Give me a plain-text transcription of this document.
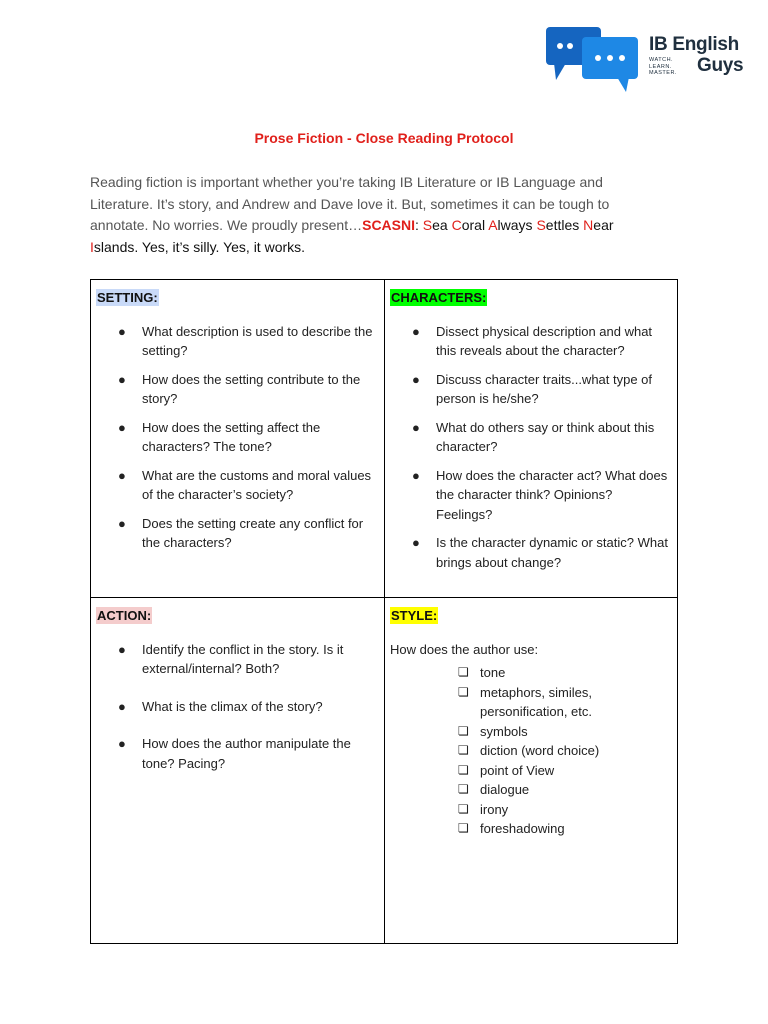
IB English
Guys
WATCH. LEARN. MASTER.
Prose Fiction - Close Reading Protocol
Reading fiction is important whether you’re taking IB Literature or IB Language and Literature. It’s story, and Andrew and Dave love it. But, sometimes it can be tough to annotate. No worries. We proudly present…SCASNI: Sea Coral Always Settles Near Islands. Yes, it’s silly. Yes, it works.
SETTING:
● What description is used to describe the setting?
● How does the setting contribute to the story?
● How does the setting affect the characters? The tone?
● What are the customs and moral values of the character’s society?
● Does the setting create any conflict for the characters?
CHARACTERS:
● Dissect physical description and what this reveals about the character?
● Discuss character traits...what type of person is he/she?
● What do others say or think about this character?
● How does the character act? What does the character think? Opinions? Feelings?
● Is the character dynamic or static? What brings about change?
ACTION:
● Identify the conflict in the story. Is it external/internal? Both?
● What is the climax of the story?
● How does the author manipulate the tone? Pacing?
STYLE:
How does the author use:
❏ tone
❏ metaphors, similes, personification, etc.
❏ symbols
❏ diction (word choice)
❏ point of View
❏ dialogue
❏ irony
❏ foreshadowing
